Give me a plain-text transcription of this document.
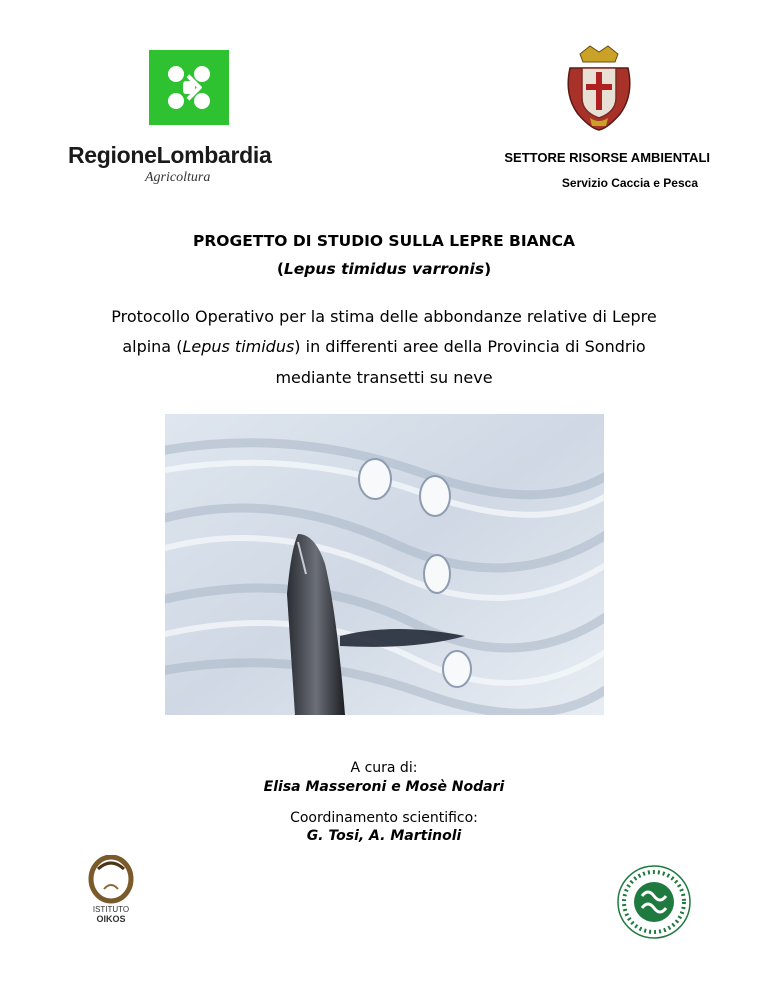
RegioneLombardia
Agricoltura
SETTORE RISORSE AMBIENTALI
Servizio Caccia e Pesca
PROGETTO DI STUDIO SULLA LEPRE BIANCA
(Lepus timidus varronis)
Protocollo Operativo per la stima delle abbondanze relative di Lepre
alpina (Lepus timidus) in differenti aree della Provincia di Sondrio
mediante transetti su neve
A cura di:
Elisa Masseroni e Mosè Nodari
Coordinamento scientifico:
G. Tosi, A. Martinoli
ISTITUTO
OIKOS
